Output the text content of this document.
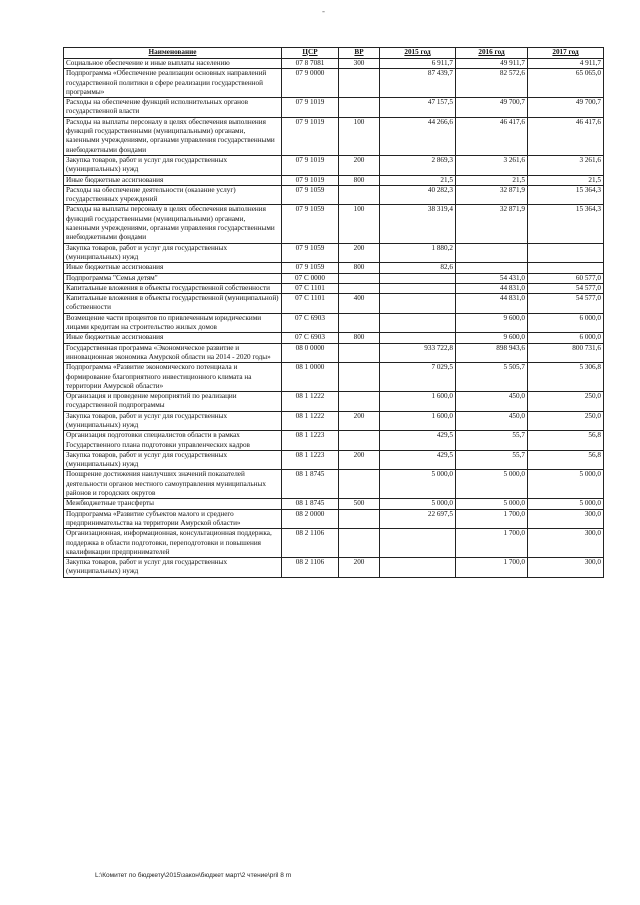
-
Наименование	ЦСР	ВР	2015 год	2016 год	2017 год
Социальное обеспечение и иные выплаты населению	07 8 7081	300	6 911,7	49 911,7	4 911,7
Подпрограмма «Обеспечение реализации основных направлений государственной политики в сфере реализации государственной программы»	07 9 0000		87 439,7	82 572,6	65 065,0
Расходы на обеспечение функций исполнительных органов государственной власти	07 9 1019		47 157,5	49 700,7	49 700,7
Расходы на выплаты персоналу в целях обеспечения выполнения функций государственными (муниципальными) органами, казенными учреждениями, органами управления государственными внебюджетными фондами	07 9 1019	100	44 266,6	46 417,6	46 417,6
Закупка товаров, работ и услуг для государственных (муниципальных) нужд	07 9 1019	200	2 869,3	3 261,6	3 261,6
Иные бюджетные ассигнования	07 9 1019	800	21,5	21,5	21,5
Расходы на обеспечение деятельности (оказание услуг) государственных учреждений	07 9 1059		40 282,3	32 871,9	15 364,3
Расходы на выплаты персоналу в целях обеспечения выполнения функций государственными (муниципальными) органами, казенными учреждениями, органами управления государственными внебюджетными фондами	07 9 1059	100	38 319,4	32 871,9	15 364,3
Закупка товаров, работ и услуг для государственных (муниципальных) нужд	07 9 1059	200	1 880,2		
Иные бюджетные ассигнования	07 9 1059	800	82,6		
Подпрограмма "Семья детям"	07 С 0000			54 431,0	60 577,0
Капитальные вложения в объекты государственной собственности	07 С 1101			44 831,0	54 577,0
Капитальные вложения в объекты государственной (муниципальной) собственности	07 С 1101	400		44 831,0	54 577,0
Возмещение части процентов по привлеченным юридическими лицами кредитам на строительство жилых домов	07 С 6903			9 600,0	6 000,0
Иные бюджетные ассигнования	07 С 6903	800		9 600,0	6 000,0
Государственная программа «Экономическое развитие и инновационная экономика Амурской области на 2014 - 2020 годы»	08 0 0000		933 722,8	898 943,6	800 731,6
Подпрограмма «Развитие экономического потенциала и формирование благоприятного инвестиционного климата на территории Амурской области»	08 1 0000		7 029,5	5 505,7	5 306,8
Организация и проведение мероприятий по реализации государственной подпрограммы	08 1 1222		1 600,0	450,0	250,0
Закупка товаров, работ и услуг для государственных (муниципальных) нужд	08 1 1222	200	1 600,0	450,0	250,0
Организация подготовки специалистов области в рамках Государственного плана подготовки управленческих кадров	08 1 1223		429,5	55,7	56,8
Закупка товаров, работ и услуг для государственных (муниципальных) нужд	08 1 1223	200	429,5	55,7	56,8
Поощрение достижения наилучших значений показателей деятельности органов местного самоуправления муниципальных районов и городских округов	08 1 8745		5 000,0	5 000,0	5 000,0
Межбюджетные трансферты	08 1 8745	500	5 000,0	5 000,0	5 000,0
Подпрограмма «Развитие субъектов малого и среднего предпринимательства на территории Амурской области»	08 2 0000		22 697,5	1 700,0	300,0
Организационная, информационная, консультационная поддержка, поддержка в области подготовки, переподготовки и повышения квалификации предпринимателей	08 2 1106			1 700,0	300,0
Закупка товаров, работ и услуг для государственных (муниципальных) нужд	08 2 1106	200		1 700,0	300,0
L:\Комитет по бюджету\2015\закон\бюджет март\2 чтение\pril 8 rn
